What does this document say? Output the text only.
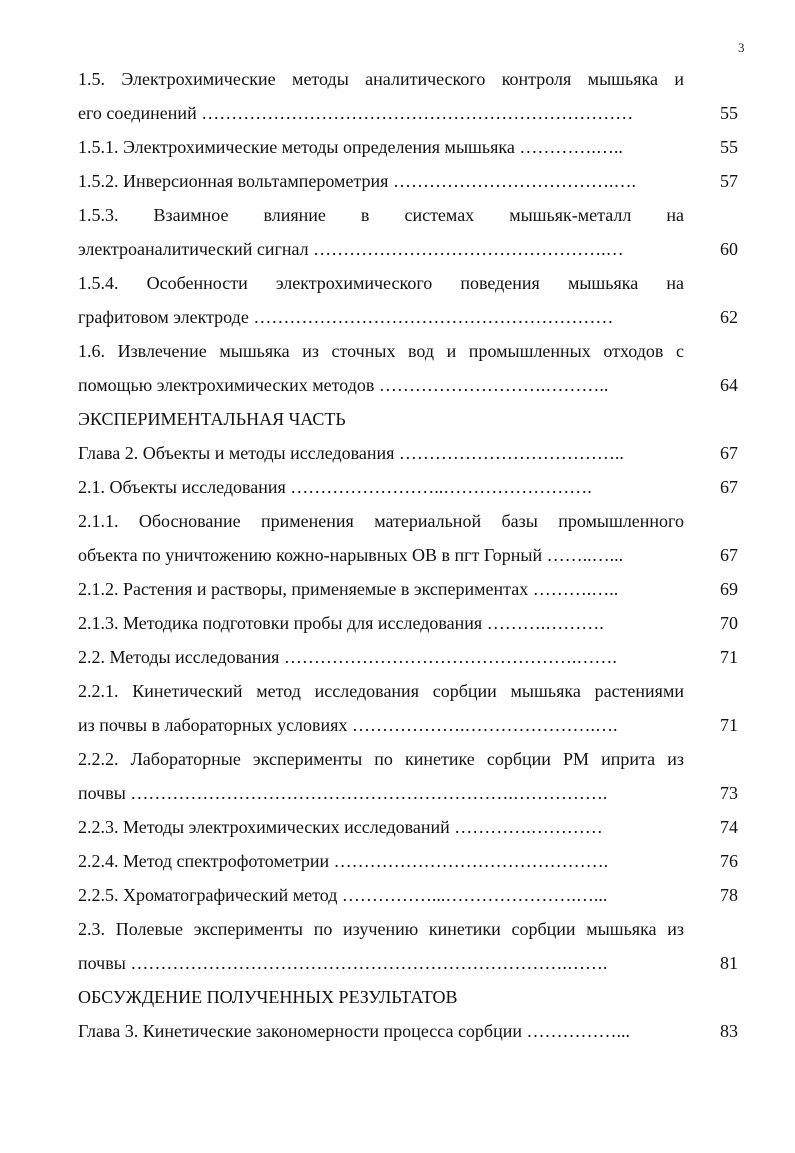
3
1.5. Электрохимические методы аналитического контроля мышьяка и
его соединений ………………………………………………………………	55
1.5.1. Электрохимические методы определения мышьяка ………….…..	55
1.5.2. Инверсионная вольтамперометрия ……………………………….….	57
1.5.3. Взаимное влияние в системах мышьяк-металл на
электроаналитический сигнал ………………………………………….…	60
1.5.4. Особенности электрохимического поведения мышьяка на
графитовом электроде ……………………………………………………	62
1.6. Извлечение мышьяка из сточных вод и промышленных отходов с
помощью электрохимических методов ……………………….………..	64
ЭКСПЕРИМЕНТАЛЬНАЯ ЧАСТЬ
Глава 2. Объекты и методы исследования ………………………………..	67
2.1. Объекты исследования ……………………..…………………….	67
2.1.1. Обоснование применения материальной базы промышленного
объекта по уничтожению кожно-нарывных ОВ в пгт Горный ……..…...	67
2.1.2. Растения и растворы, применяемые в экспериментах ……….…..	69
2.1.3. Методика подготовки пробы для исследования ……….……….	70
2.2. Методы исследования ………………………………………….…….	71
2.2.1. Кинетический метод исследования сорбции мышьяка растениями
из почвы в лабораторных условиях ……………….………………….….	71
2.2.2. Лабораторные эксперименты по кинетике сорбции РМ иприта из
почвы ……………………………………………………….…………….	73
2.2.3. Методы электрохимических исследований ………….…………	74
2.2.4. Метод спектрофотометрии ……………………………………….	76
2.2.5. Хроматографический метод ……………...………………….…...	78
2.3. Полевые эксперименты по изучению кинетики сорбции мышьяка из
почвы ……………………………………………………………….…….	81
ОБСУЖДЕНИЕ ПОЛУЧЕННЫХ РЕЗУЛЬТАТОВ
Глава 3. Кинетические закономерности процесса сорбции ……………...	83
